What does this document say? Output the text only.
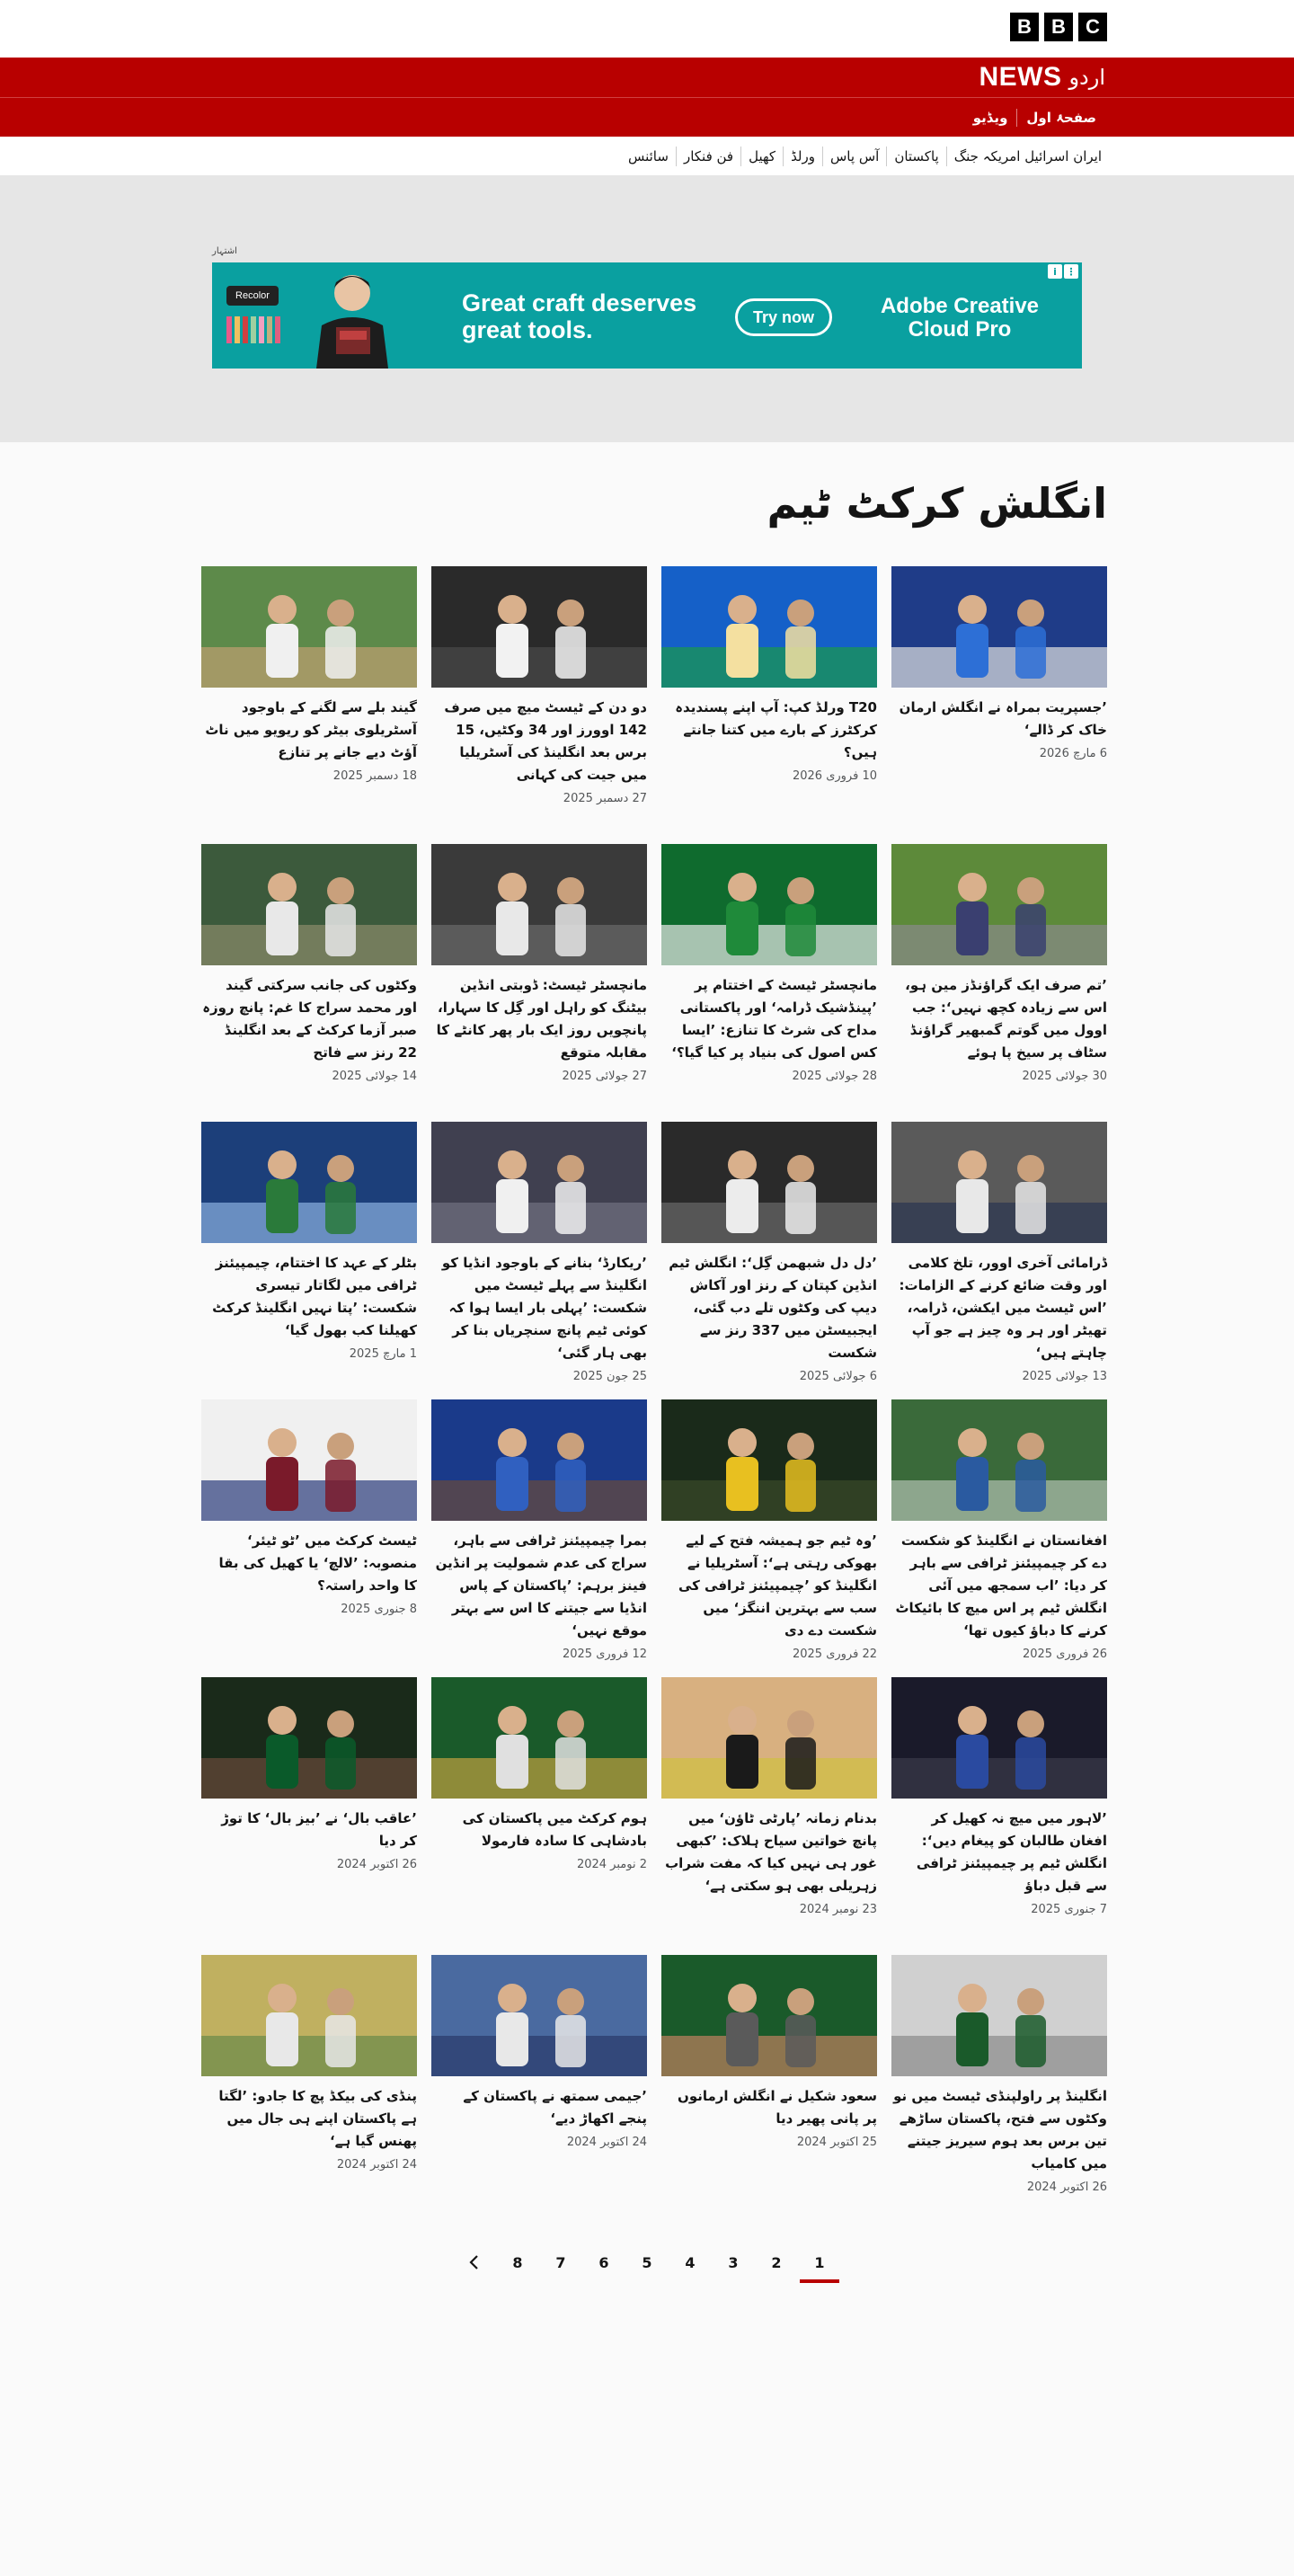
B	B	C
NEWS اردو
صفحۂ اول
ویڈیو
ایران اسرائیل امریکہ جنگ
پاکستان
آس پاس
ورلڈ
کھیل
فن فنکار
سائنس
اشتہار
Recolor	Great craft deserves great tools.	Try now	Adobe Creative Cloud Pro
i ⋮
انگلش کرکٹ ٹیم
’جسپریت بمراہ نے انگلش ارمان خاک کر ڈالے‘
6 مارچ 2026
T20 ورلڈ کپ: آپ اپنے پسندیدہ کرکٹرز کے بارے میں کتنا جانتے ہیں؟
10 فروری 2026
دو دن کے ٹیسٹ میچ میں صرف 142 اوورز اور 34 وکٹیں، 15 برس بعد انگلینڈ کی آسٹریلیا میں جیت کی کہانی
27 دسمبر 2025
گیند بلے سے لگنے کے باوجود آسٹریلوی بیٹر کو ریویو میں ناٹ آؤٹ دیے جانے پر تنازع
18 دسمبر 2025
’تم صرف ایک گراؤنڈز مین ہو، اس سے زیادہ کچھ نہیں‘: جب اوول میں گوتم گمبھیر گراؤنڈ سٹاف پر سیخ پا ہوئے
30 جولائی 2025
مانچسٹر ٹیسٹ کے اختتام پر ’پینڈشیک ڈرامہ‘ اور پاکستانی مداح کی شرٹ کا تنازع: ’ایسا کس اصول کی بنیاد پر کیا گیا؟‘
28 جولائی 2025
مانچسٹر ٹیسٹ: ڈوبتی انڈین بیٹنگ کو راہل اور گِل کا سہارا، پانچویں روز ایک بار پھر کانٹے کا مقابلہ متوقع
27 جولائی 2025
وکٹوں کی جانب سرکتی گیند اور محمد سراج کا غم: پانچ روزہ صبر آزما کرکٹ کے بعد انگلینڈ 22 رنز سے فاتح
14 جولائی 2025
ڈرامائی آخری اوور، تلخ کلامی اور وقت ضائع کرنے کے الزامات: ’اس ٹیسٹ میں ایکشن، ڈرامہ، تھیٹر اور ہر وہ چیز ہے جو آپ چاہتے ہیں‘
13 جولائی 2025
’دل دل شبھمن گِل‘: انگلش ٹیم انڈین کپتان کے رنز اور آکاش دیپ کی وکٹوں تلے دب گئی، ایجبیسٹن میں 337 رنز سے شکست
6 جولائی 2025
’ریکارڈ‘ بنانے کے باوجود انڈیا کو انگلینڈ سے پہلے ٹیسٹ میں شکست: ’پہلی بار ایسا ہوا کہ کوئی ٹیم پانچ سنچریاں بنا کر بھی ہار گئی‘
25 جون 2025
بٹلر کے عہد کا اختتام، چیمپیئنز ٹرافی میں لگاتار تیسری شکست: ’پتا نہیں انگلینڈ کرکٹ کھیلنا کب بھول گیا‘
1 مارچ 2025
افغانستان نے انگلینڈ کو شکست دے کر چیمپیئنز ٹرافی سے باہر کر دیا: ’اب سمجھ میں آئی انگلش ٹیم پر اس میچ کا بائیکاٹ کرنے کا دباؤ کیوں تھا‘
26 فروری 2025
’وہ ٹیم جو ہمیشہ فتح کے لیے بھوکی رہتی ہے‘: آسٹریلیا نے انگلینڈ کو ’چیمپیئنز ٹرافی کی سب سے بہترین اننگز‘ میں شکست دے دی
22 فروری 2025
بمرا چیمپیئنز ٹرافی سے باہر، سراج کی عدم شمولیت پر انڈین فینز برہم: ’پاکستان کے پاس انڈیا سے جیتنے کا اس سے بہتر موقع نہیں‘
12 فروری 2025
ٹیسٹ کرکٹ میں ’ٹو ٹیئر‘ منصوبہ: ’لالچ‘ یا کھیل کی بقا کا واحد راستہ؟
8 جنوری 2025
’لاہور میں میچ نہ کھیل کر افغان طالبان کو پیغام دیں‘: انگلش ٹیم پر چیمپیئنز ٹرافی سے قبل دباؤ
7 جنوری 2025
بدنام زمانہ ’پارٹی ٹاؤن‘ میں پانچ خواتین سیاح ہلاک: ’کبھی غور ہی نہیں کیا کہ مفت شراب زہریلی بھی ہو سکتی ہے‘
23 نومبر 2024
ہوم کرکٹ میں پاکستان کی بادشاہی کا سادہ فارمولا
2 نومبر 2024
’عاقب بال‘ نے ’بیز بال‘ کا توڑ کر دیا
26 اکتوبر 2024
انگلینڈ پر راولپنڈی ٹیسٹ میں نو وکٹوں سے فتح، پاکستان ساڑھے تین برس بعد ہوم سیریز جیتنے میں کامیاب
26 اکتوبر 2024
سعود شکیل نے انگلش ارمانوں پر پانی پھیر دیا
25 اکتوبر 2024
’جیمی سمتھ نے پاکستان کے پنجے اکھاڑ دیے‘
24 اکتوبر 2024
پنڈی کی بیکڈ پچ کا جادو: ’لگتا ہے پاکستان اپنے ہی جال میں پھنس گیا ہے‘
24 اکتوبر 2024
8	7	6	5	4	3	2	1
